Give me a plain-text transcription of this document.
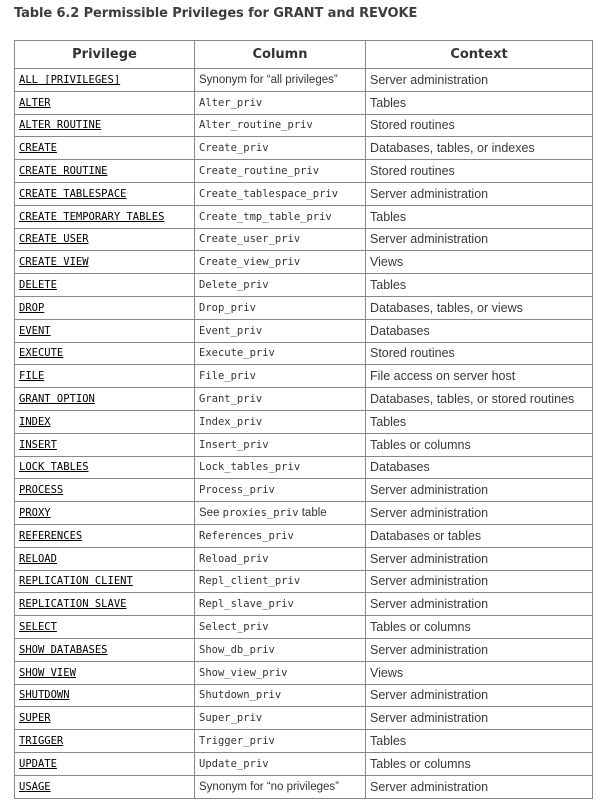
Table 6.2 Permissible Privileges for GRANT and REVOKE
Privilege	Column	Context
ALL [PRIVILEGES]	Synonym for “all privileges”	Server administration
ALTER	Alter_priv	Tables
ALTER ROUTINE	Alter_routine_priv	Stored routines
CREATE	Create_priv	Databases, tables, or indexes
CREATE ROUTINE	Create_routine_priv	Stored routines
CREATE TABLESPACE	Create_tablespace_priv	Server administration
CREATE TEMPORARY TABLES	Create_tmp_table_priv	Tables
CREATE USER	Create_user_priv	Server administration
CREATE VIEW	Create_view_priv	Views
DELETE	Delete_priv	Tables
DROP	Drop_priv	Databases, tables, or views
EVENT	Event_priv	Databases
EXECUTE	Execute_priv	Stored routines
FILE	File_priv	File access on server host
GRANT OPTION	Grant_priv	Databases, tables, or stored routines
INDEX	Index_priv	Tables
INSERT	Insert_priv	Tables or columns
LOCK TABLES	Lock_tables_priv	Databases
PROCESS	Process_priv	Server administration
PROXY	See proxies_priv table	Server administration
REFERENCES	References_priv	Databases or tables
RELOAD	Reload_priv	Server administration
REPLICATION CLIENT	Repl_client_priv	Server administration
REPLICATION SLAVE	Repl_slave_priv	Server administration
SELECT	Select_priv	Tables or columns
SHOW DATABASES	Show_db_priv	Server administration
SHOW VIEW	Show_view_priv	Views
SHUTDOWN	Shutdown_priv	Server administration
SUPER	Super_priv	Server administration
TRIGGER	Trigger_priv	Tables
UPDATE	Update_priv	Tables or columns
USAGE	Synonym for “no privileges”	Server administration
